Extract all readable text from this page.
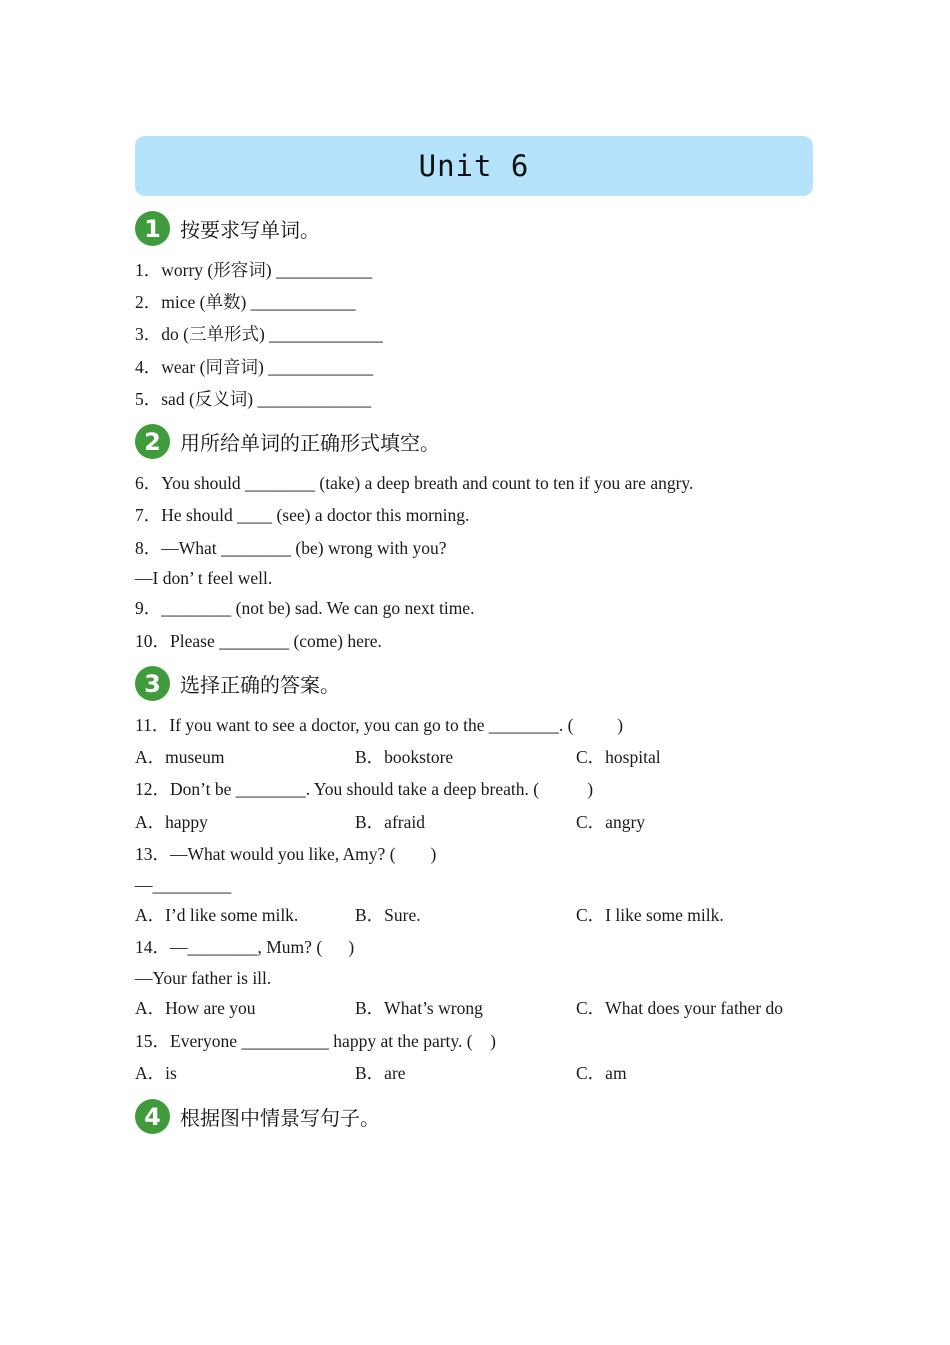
Unit 6
1 按要求写单词。
1．worry (形容词) ___________
2．mice (单数) ____________
3．do (三单形式) _____________
4．wear (同音词) ____________
5．sad (反义词) _____________
2 用所给单词的正确形式填空。
6．You should ________ (take) a deep breath and count to ten if you are angry.
7．He should ____ (see) a doctor this morning.
8．—What ________ (be) wrong with you?
—I don’ t feel well.
9．________ (not be) sad. We can go next time.
10．Please ________ (come) here.
3 选择正确的答案。
11．If you want to see a doctor, you can go to the ________. (          )
A．museum	B．bookstore	C．hospital
12．Don’t be ________. You should take a deep breath. (           )
A．happy	B．afraid	C．angry
13．—What would you like, Amy? (        )
—_________
A．I’d like some milk.	B．Sure.	C．I like some milk.
14．—________, Mum? (      )
—Your father is ill.
A．How are you	B．What’s wrong	C．What does your father do
15．Everyone __________ happy at the party. (    )
A．is	B．are	C．am
4 根据图中情景写句子。
